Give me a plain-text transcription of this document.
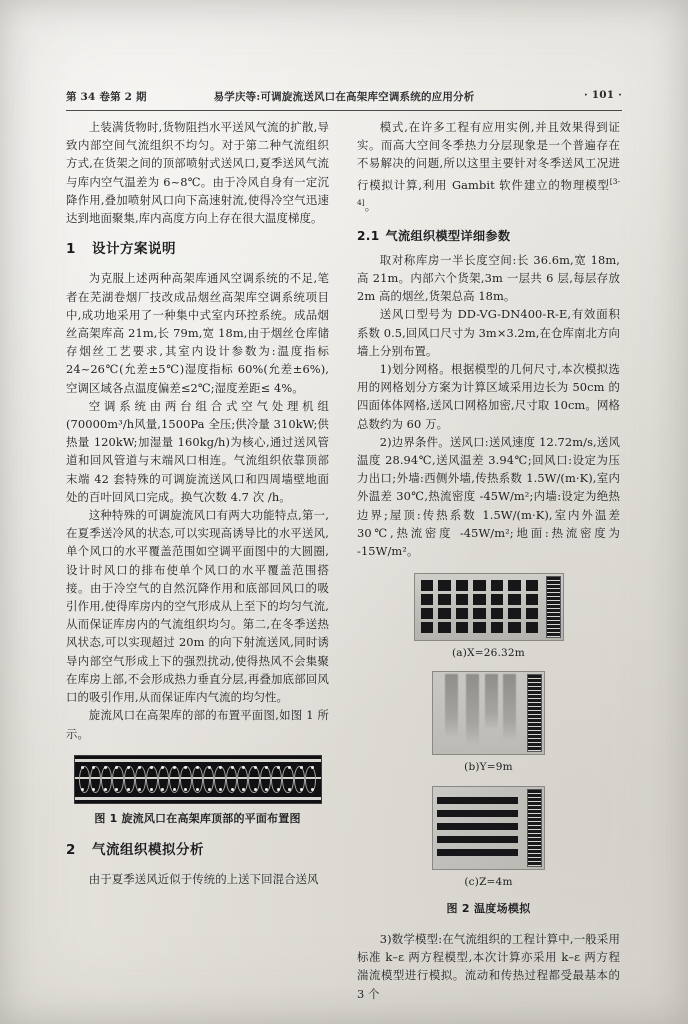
第 34 卷第 2 期	易学庆等:可调旋流送风口在高架库空调系统的应用分析	· 101 ·

上装满货物时,货物阻挡水平送风气流的扩散,导致内部空间气流组织不均匀。对于第二种气流组织方式,在货架之间的顶部喷射式送风口,夏季送风气流与库内空气温差为 6~8℃。由于冷风自身有一定沉降作用,叠加喷射风口向下高速射流,使得冷空气迅速达到地面聚集,库内高度方向上存在很大温度梯度。

1 设计方案说明

为克服上述两种高架库通风空调系统的不足,笔者在芜湖卷烟厂技改成品烟丝高架库空调系统项目中,成功地采用了一种集中式室内环控系统。成品烟丝高架库高 21m,长 79m,宽 18m,由于烟丝仓库储存烟丝工艺要求,其室内设计参数为:温度指标 24~26℃(允差±5℃)湿度指标 60%(允差±6%),空调区域各点温度偏差≤2℃;湿度差距≤ 4%。

空调系统由两台组合式空气处理机组(70000m³/h风量,1500Pa 全压;供冷量 310kW;供热量 120kW;加湿量 160kg/h)为核心,通过送风管道和回风管道与末端风口相连。气流组织依靠顶部末端 42 套特殊的可调旋流送风口和四周墙壁地面处的百叶回风口完成。换气次数 4.7 次 /h。

这种特殊的可调旋流风口有两大功能特点,第一,在夏季送冷风的状态,可以实现高诱导比的水平送风,单个风口的水平覆盖范围如空调平面图中的大圆圈,设计时风口的排布使单个风口的水平覆盖范围搭接。由于冷空气的自然沉降作用和底部回风口的吸引作用,使得库房内的空气形成从上至下的均匀气流,从而保证库房内的气流组织均匀。第二,在冬季送热风状态,可以实现超过 20m 的向下射流送风,同时诱导内部空气形成上下的强烈扰动,使得热风不会集聚在库房上部,不会形成热力垂直分层,再叠加底部回风口的吸引作用,从而保证库内气流的均匀性。

旋流风口在高架库的部的布置平面图,如图 1 所示。

图 1 旋流风口在高架库顶部的平面布置图
2 气流组织模拟分析

由于夏季送风近似于传统的上送下回混合送风

模式,在许多工程有应用实例,并且效果得到证实。而高大空间冬季热力分层现象是一个普遍存在不易解决的问题,所以这里主要针对冬季送风工况进行模拟计算,利用 Gambit 软件建立的物理模型[3-4]。

2.1 气流组织模型详细参数

取对称库房一半长度空间:长 36.6m,宽 18m,高 21m。内部六个货架,3m 一层共 6 层,每层存放 2m 高的烟丝,货架总高 18m。

送风口型号为 DD-VG-DN400-R-E,有效面积系数 0.5,回风口尺寸为 3m×3.2m,在仓库南北方向墙上分别布置。

1)划分网格。根据模型的几何尺寸,本次模拟选用的网格划分方案为计算区域采用边长为 50cm 的四面体体网格,送风口网格加密,尺寸取 10cm。网格总数约为 60 万。

2)边界条件。送风口:送风速度 12.72m/s,送风温度 28.94℃,送风温差 3.94℃;回风口:设定为压力出口;外墙:西侧外墙,传热系数 1.5W/(m·K),室内外温差 30℃,热流密度 -45W/m²;内墙:设定为绝热边界;屋顶:传热系数 1.5W/(m·K),室内外温差 30℃,热流密度 -45W/m²;地面:热流密度为 -15W/m²。

(a)X=26.32m
(b)Y=9m
(c)Z=4m
图 2 温度场模拟

3)数学模型:在气流组织的工程计算中,一般采用标准 k–ε 两方程模型,本次计算亦采用 k–ε 两方程湍流模型进行模拟。流动和传热过程都受最基本的 3 个
